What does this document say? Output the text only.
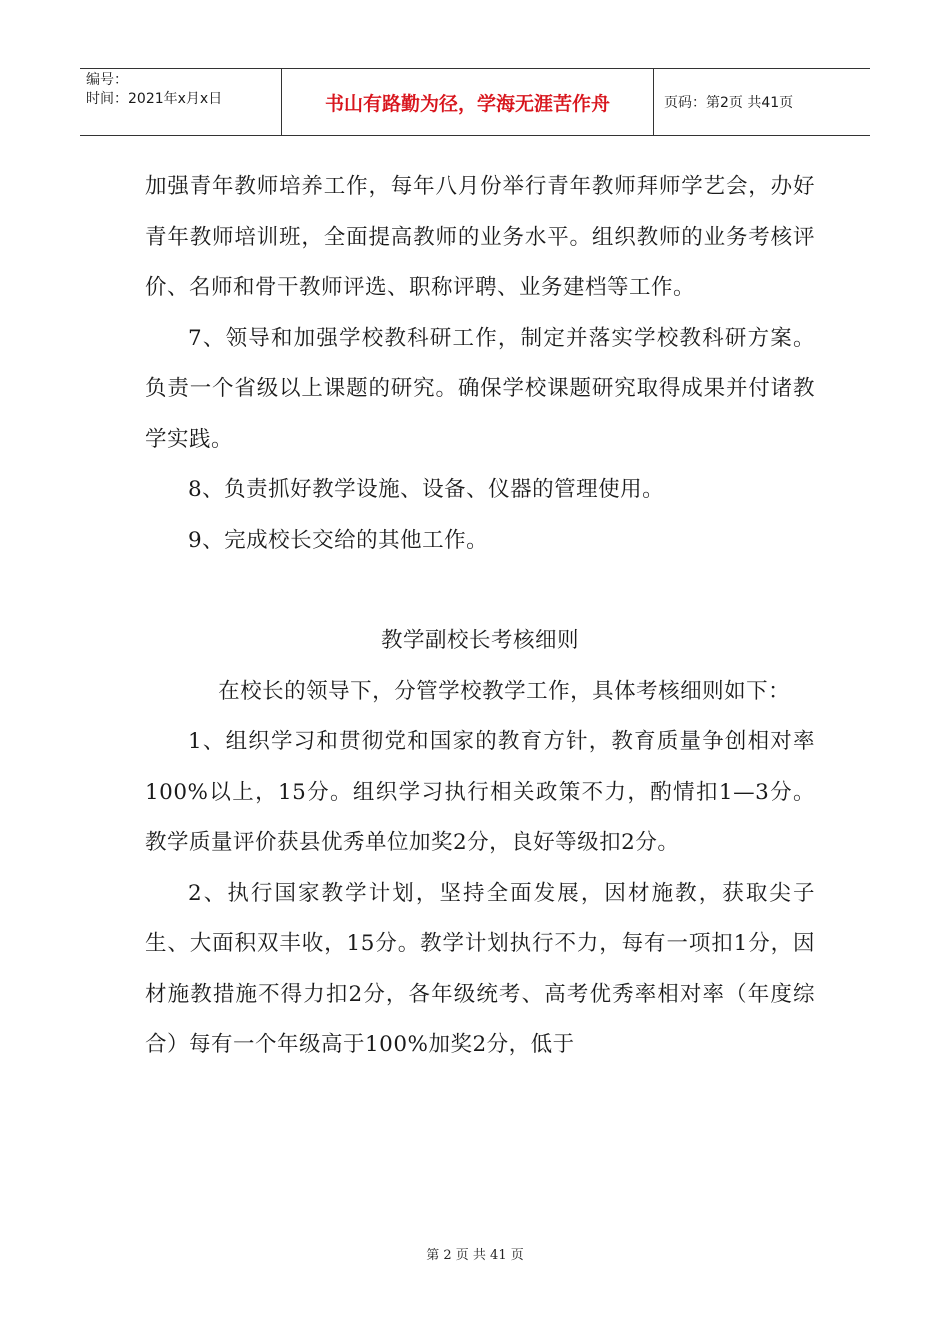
编号：
时间：2021年x月x日	书山有路勤为径，学海无涯苦作舟	页码：第2页 共41页

加强青年教师培养工作，每年八月份举行青年教师拜师学艺会，办好青年教师培训班，全面提高教师的业务水平。组织教师的业务考核评价、名师和骨干教师评选、职称评聘、业务建档等工作。

7、领导和加强学校教科研工作，制定并落实学校教科研方案。负责一个省级以上课题的研究。确保学校课题研究取得成果并付诸教学实践。

8、负责抓好教学设施、设备、仪器的管理使用。

9、完成校长交给的其他工作。

教学副校长考核细则

在校长的领导下，分管学校教学工作，具体考核细则如下：

1、组织学习和贯彻党和国家的教育方针，教育质量争创相对率100%以上，15分。组织学习执行相关政策不力，酌情扣1—3分。教学质量评价获县优秀单位加奖2分，良好等级扣2分。

2、执行国家教学计划，坚持全面发展，因材施教，获取尖子生、大面积双丰收，15分。教学计划执行不力，每有一项扣1分，因材施教措施不得力扣2分，各年级统考、高考优秀率相对率（年度综合）每有一个年级高于100%加奖2分，低于

第 2 页 共 41 页
